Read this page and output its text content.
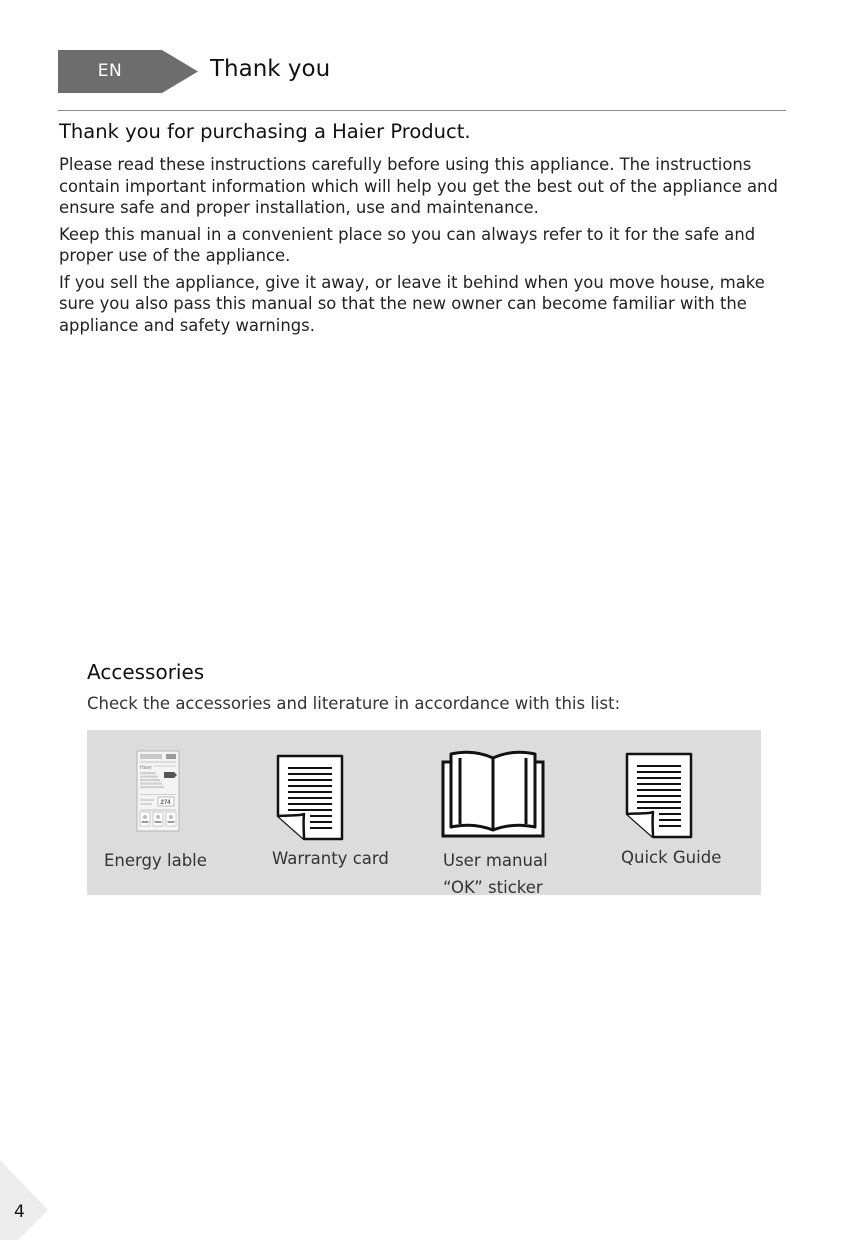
EN	Thank you
Thank you for purchasing a Haier Product.

Please read these instructions carefully before using this appliance. The instructions contain important information which will help you get the best out of the appliance and ensure safe and proper installation, use and maintenance.

Keep this manual in a convenient place so you can always refer to it for the safe and proper use of the appliance.

If you sell the appliance, give it away, or leave it behind when you move house, make sure you also pass this manual so that the new owner can become familiar with the appliance and safety warnings.

Accessories
Check the accessories and literature in accordance with this list:
Haier
274
Energy lable	Warranty card	User manual
“OK” sticker
Quick Guide
4
